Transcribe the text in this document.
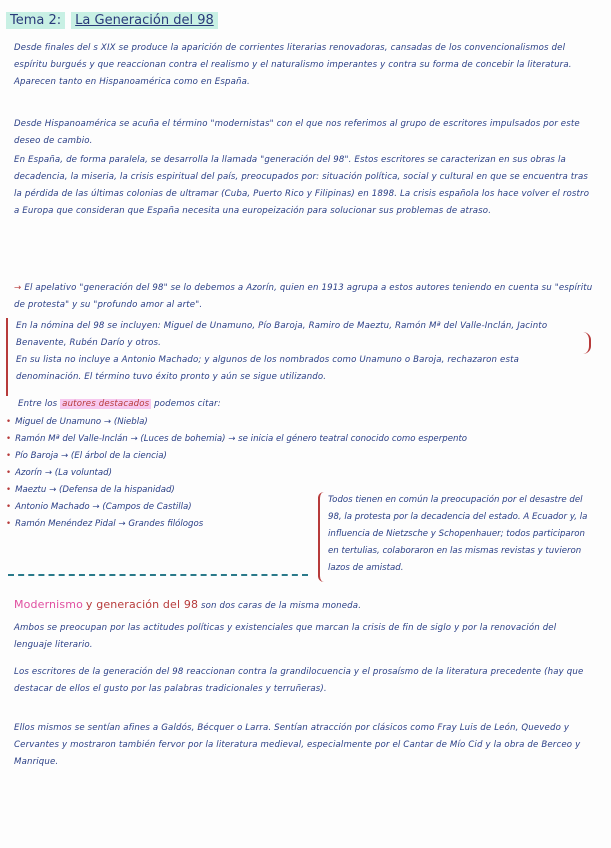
Tema 2: La Generación del 98

Desde finales del s XIX se produce la aparición de corrientes literarias renovadoras, cansadas de los convencionalismos del espíritu burgués y que reaccionan contra el realismo y el naturalismo imperantes y contra su forma de concebir la literatura. Aparecen tanto en Hispanoamérica como en España.

Desde Hispanoamérica se acuña el término "modernistas" con el que nos referimos al grupo de escritores impulsados por este deseo de cambio.

En España, de forma paralela, se desarrolla la llamada "generación del 98". Estos escritores se caracterizan en sus obras la decadencia, la miseria, la crisis espiritual del país, preocupados por: situación política, social y cultural en que se encuentra tras la pérdida de las últimas colonias de ultramar (Cuba, Puerto Rico y Filipinas) en 1898. La crisis española los hace volver el rostro a Europa que consideran que España necesita una europeización para solucionar sus problemas de atraso.

→ El apelativo "generación del 98" se lo debemos a Azorín, quien en 1913 agrupa a estos autores teniendo en cuenta su "espíritu de protesta" y su "profundo amor al arte".

En la nómina del 98 se incluyen: Miguel de Unamuno, Pío Baroja, Ramiro de Maeztu, Ramón Mª del Valle-Inclán, Jacinto Benavente, Rubén Darío y otros.

En su lista no incluye a Antonio Machado; y algunos de los nombrados como Unamuno o Baroja, rechazaron esta denominación. El término tuvo éxito pronto y aún se sigue utilizando.

Entre los autores destacados podemos citar:
• Miguel de Unamuno → (Niebla)
• Ramón Mª del Valle-Inclán → (Luces de bohemia) → se inicia el género teatral conocido como esperpento
• Pío Baroja → (El árbol de la ciencia)
• Azorín → (La voluntad)
• Maeztu → (Defensa de la hispanidad)
• Antonio Machado → (Campos de Castilla)
• Ramón Menéndez Pidal → Grandes filólogos

Todos tienen en común la preocupación por el desastre del 98, la protesta por la decadencia del estado. A Ecuador y, la influencia de Nietzsche y Schopenhauer; todos participaron en tertulias, colaboraron en las mismas revistas y tuvieron lazos de amistad.

Modernismo y generación del 98 son dos caras de la misma moneda.

Ambos se preocupan por las actitudes políticas y existenciales que marcan la crisis de fin de siglo y por la renovación del lenguaje literario.

Los escritores de la generación del 98 reaccionan contra la grandilocuencia y el prosaísmo de la literatura precedente (hay que destacar de ellos el gusto por las palabras tradicionales y terruñeras).

Ellos mismos se sentían afines a Galdós, Bécquer o Larra. Sentían atracción por clásicos como Fray Luis de León, Quevedo y Cervantes y mostraron también fervor por la literatura medieval, especialmente por el Cantar de Mío Cid y la obra de Berceo y Manrique.
